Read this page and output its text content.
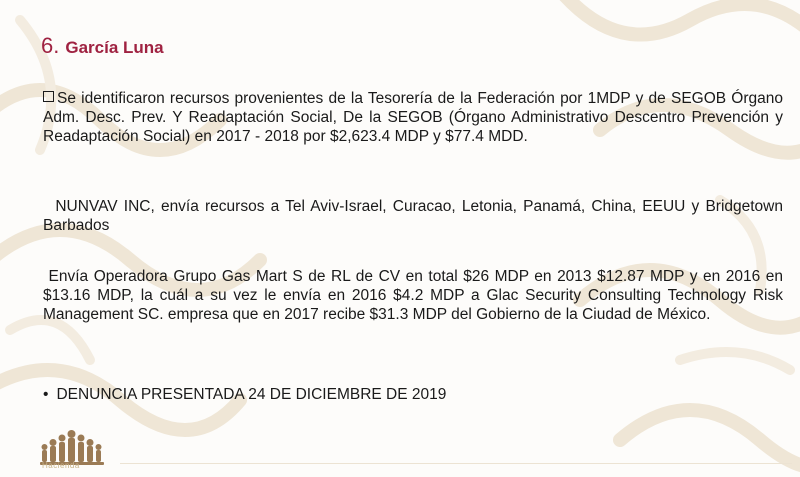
6. García Luna
Se identificaron recursos provenientes de la Tesorería de la Federación por 1MDP y de SEGOB Órgano Adm. Desc. Prev. Y Readaptación Social, De la SEGOB (Órgano Administrativo Descentro Prevención y Readaptación Social) en 2017 - 2018 por $2,623.4 MDP y $77.4 MDD.
NUNVAV INC, envía recursos a Tel Aviv-Israel, Curacao, Letonia, Panamá, China, EEUU y Bridgetown Barbados
Envía Operadora Grupo Gas Mart S de RL de CV en total $26 MDP en 2013 $12.87 MDP y en 2016 en $13.16 MDP, la cuál a su vez le envía en 2016 $4.2 MDP a Glac Security Consulting Technology Risk Management SC. empresa que en 2017 recibe $31.3 MDP del Gobierno de la Ciudad de México.
• DENUNCIA PRESENTADA 24 DE DICIEMBRE DE 2019
Hacienda
